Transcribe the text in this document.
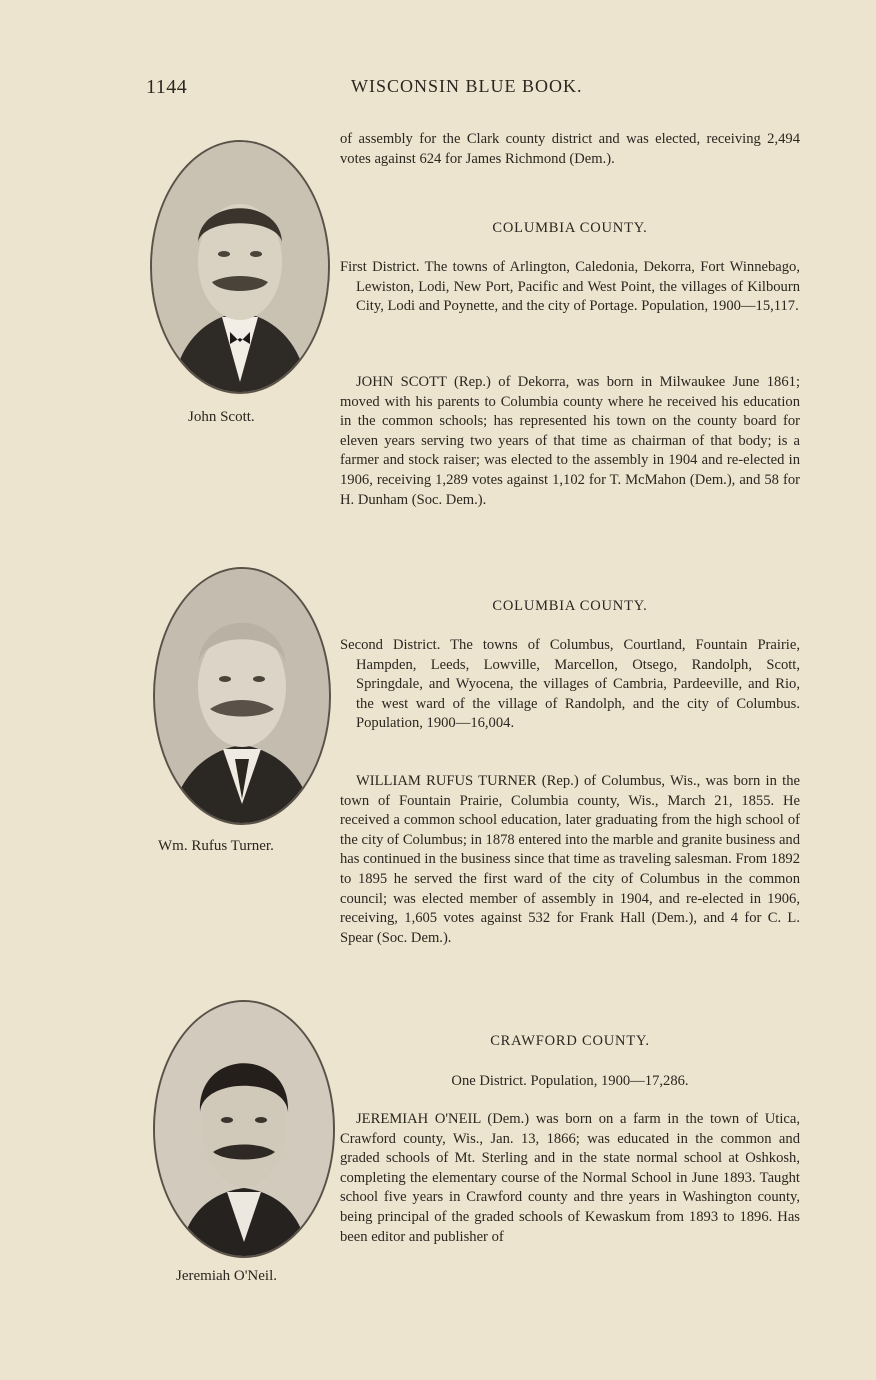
1144	WISCONSIN BLUE BOOK.
John Scott.
Wm. Rufus Turner.
Jeremiah O'Neil.

of assembly for the Clark county district and was elected, receiving 2,494 votes against 624 for James Richmond (Dem.).

COLUMBIA COUNTY.

First District. The towns of Arlington, Caledonia, Dekorra, Fort Winnebago, Lewiston, Lodi, New Port, Pacific and West Point, the villages of Kilbourn City, Lodi and Poynette, and the city of Portage. Population, 1900—15,117.

JOHN SCOTT (Rep.) of Dekorra, was born in Milwaukee June 1861; moved with his parents to Columbia county where he received his education in the common schools; has represented his town on the county board for eleven years serving two years of that time as chairman of that body; is a farmer and stock raiser; was elected to the assembly in 1904 and re-elected in 1906, receiving 1,289 votes against 1,102 for T. McMahon (Dem.), and 58 for H. Dunham (Soc. Dem.).

COLUMBIA COUNTY.

Second District. The towns of Columbus, Courtland, Fountain Prairie, Hampden, Leeds, Lowville, Marcellon, Otsego, Randolph, Scott, Springdale, and Wyocena, the villages of Cambria, Pardeeville, and Rio, the west ward of the village of Randolph, and the city of Columbus. Population, 1900—16,004.

WILLIAM RUFUS TURNER (Rep.) of Columbus, Wis., was born in the town of Fountain Prairie, Columbia county, Wis., March 21, 1855. He received a common school education, later graduating from the high school of the city of Columbus; in 1878 entered into the marble and granite business and has continued in the business since that time as traveling salesman. From 1892 to 1895 he served the first ward of the city of Columbus in the common council; was elected member of assembly in 1904, and re-elected in 1906, receiving, 1,605 votes against 532 for Frank Hall (Dem.), and 4 for C. L. Spear (Soc. Dem.).

CRAWFORD COUNTY.

One District. Population, 1900—17,286.

JEREMIAH O'NEIL (Dem.) was born on a farm in the town of Utica, Crawford county, Wis., Jan. 13, 1866; was educated in the common and graded schools of Mt. Sterling and in the state normal school at Oshkosh, completing the elementary course of the Normal School in June 1893. Taught school five years in Crawford county and thre years in Washington county, being principal of the graded schools of Kewaskum from 1893 to 1896. Has been editor and publisher of
